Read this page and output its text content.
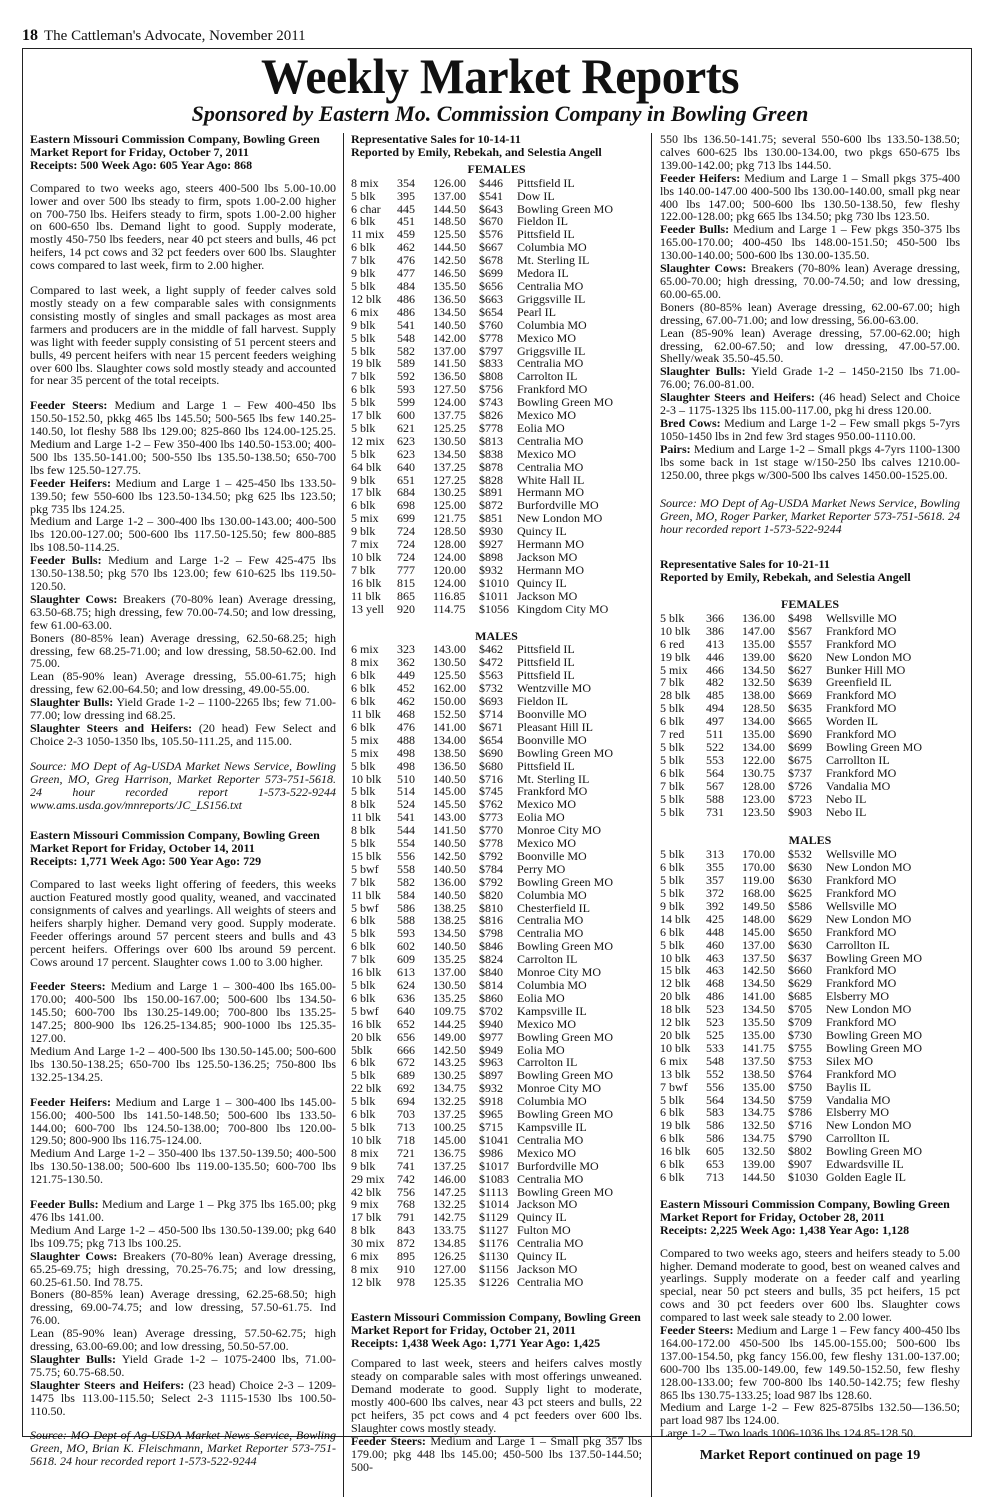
18 The Cattleman's Advocate, November 2011
Weekly Market Reports
Sponsored by Eastern Mo. Commission Company in Bowling Green
Eastern Missouri Commission Company, Bowling Green
Market Report for Friday, October 7, 2011
Receipts: 500 Week Ago: 605 Year Ago: 868

Compared to two weeks ago, steers 400-500 lbs 5.00-10.00 lower and over 500 lbs steady to firm, spots 1.00-2.00 higher on 700-750 lbs. Heifers steady to firm, spots 1.00-2.00 higher on 600-650 lbs. Demand light to good. Supply moderate, mostly 450-750 lbs feeders, near 40 pct steers and bulls, 46 pct heifers, 14 pct cows and 32 pct feeders over 600 lbs. Slaughter cows compared to last week, firm to 2.00 higher.

Compared to last week, a light supply of feeder calves sold mostly steady on a few comparable sales with consignments consisting mostly of singles and small packages as most area farmers and producers are in the middle of fall harvest. Supply was light with feeder supply consisting of 51 percent steers and bulls, 49 percent heifers with near 15 percent feeders weighing over 600 lbs. Slaughter cows sold mostly steady and accounted for near 35 percent of the total receipts.

Feeder Steers: Medium and Large 1 – Few 400-450 lbs 150.50-152.50, pkkg 465 lbs 145.50; 500-565 lbs few 140.25-140.50, lot fleshy 588 lbs 129.00; 825-860 lbs 124.00-125.25. Medium and Large 1-2 – Few 350-400 lbs 140.50-153.00; 400-500 lbs 135.50-141.00; 500-550 lbs 135.50-138.50; 650-700 lbs few 125.50-127.75.

Feeder Heifers: Medium and Large 1 – 425-450 lbs 133.50-139.50; few 550-600 lbs 123.50-134.50; pkg 625 lbs 123.50; pkg 735 lbs 124.25.

Medium and Large 1-2 – 300-400 lbs 130.00-143.00; 400-500 lbs 120.00-127.00; 500-600 lbs 117.50-125.50; few 800-885 lbs 108.50-114.25.

Feeder Bulls: Medium and Large 1-2 – Few 425-475 lbs 130.50-138.50; pkg 570 lbs 123.00; few 610-625 lbs 119.50-120.50.

Slaughter Cows: Breakers (70-80% lean) Average dressing, 63.50-68.75; high dressing, few 70.00-74.50; and low dressing, few 61.00-63.00.

Boners (80-85% lean) Average dressing, 62.50-68.25; high dressing, few 68.25-71.00; and low dressing, 58.50-62.00. Ind 75.00.

Lean (85-90% lean) Average dressing, 55.00-61.75; high dressing, few 62.00-64.50; and low dressing, 49.00-55.00.

Slaughter Bulls: Yield Grade 1-2 – 1100-2265 lbs; few 71.00-77.00; low dressing ind 68.25.

Slaughter Steers and Heifers: (20 head) Few Select and Choice 2-3 1050-1350 lbs, 105.50-111.25, and 115.00.

Source: MO Dept of Ag-USDA Market News Service, Bowling Green, MO, Greg Harrison, Market Reporter 573-751-5618. 24 hour recorded report 1-573-522-9244 www.ams.usda.gov/mnreports/JC_LS156.txt
Eastern Missouri Commission Company, Bowling Green
Market Report for Friday, October 14, 2011
Receipts: 1,771 Week Ago: 500 Year Ago: 729

Compared to last weeks light offering of feeders, this weeks auction Featured mostly good quality, weaned, and vaccinated consignments of calves and yearlings. All weights of steers and heifers sharply higher. Demand very good. Supply moderate. Feeder offerings around 57 percent steers and bulls and 43 percent heifers. Offerings over 600 lbs around 59 percent. Cows around 17 percent. Slaughter cows 1.00 to 3.00 higher.

Feeder Steers: Medium and Large 1 – 300-400 lbs 165.00-170.00; 400-500 lbs 150.00-167.00; 500-600 lbs 134.50-145.50; 600-700 lbs 130.25-149.00; 700-800 lbs 135.25-147.25; 800-900 lbs 126.25-134.85; 900-1000 lbs 125.35-127.00.

Medium And Large 1-2 – 400-500 lbs 130.50-145.00; 500-600 lbs 130.50-138.25; 650-700 lbs 125.50-136.25; 750-800 lbs 132.25-134.25.

Feeder Heifers: Medium and Large 1 – 300-400 lbs 145.00-156.00; 400-500 lbs 141.50-148.50; 500-600 lbs 133.50-144.00; 600-700 lbs 124.50-138.00; 700-800 lbs 120.00-129.50; 800-900 lbs 116.75-124.00.

Medium And Large 1-2 – 350-400 lbs 137.50-139.50; 400-500 lbs 130.50-138.00; 500-600 lbs 119.00-135.50; 600-700 lbs 121.75-130.50.

Feeder Bulls: Medium and Large 1 – Pkg 375 lbs 165.00; pkg 476 lbs 141.00.

Medium And Large 1-2 – 450-500 lbs 130.50-139.00; pkg 640 lbs 109.75; pkg 713 lbs 100.25.

Slaughter Cows: Breakers (70-80% lean) Average dressing, 65.25-69.75; high dressing, 70.25-76.75; and low dressing, 60.25-61.50. Ind 78.75.

Boners (80-85% lean) Average dressing, 62.25-68.50; high dressing, 69.00-74.75; and low dressing, 57.50-61.75. Ind 76.00.

Lean (85-90% lean) Average dressing, 57.50-62.75; high dressing, 63.00-69.00; and low dressing, 50.50-57.00.

Slaughter Bulls: Yield Grade 1-2 – 1075-2400 lbs, 71.00-75.75; 60.75-68.50.

Slaughter Steers and Heifers: (23 head) Choice 2-3 – 1209-1475 lbs 113.00-115.50; Select 2-3 1115-1530 lbs 100.50-110.50.

Source: MO Dept of Ag-USDA Market News Service, Bowling Green, MO, Brian K. Fleischmann, Market Reporter 573-751-5618. 24 hour recorded report 1-573-522-9244
Representative Sales for 10-14-11
Reported by Emily, Rebekah, and Selestia Angell
FEMALES
8 mix	354	126.00	$446	Pittsfield IL
5 blk	395	137.00	$541	Dow IL
6 char	445	144.50	$643	Bowling Green MO
6 blk	451	148.50	$670	Fieldon IL
11 mix	459	125.50	$576	Pittsfield IL
6 blk	462	144.50	$667	Columbia MO
7 blk	476	142.50	$678	Mt. Sterling IL
9 blk	477	146.50	$699	Medora IL
5 blk	484	135.50	$656	Centralia MO
12 blk	486	136.50	$663	Griggsville IL
6 mix	486	134.50	$654	Pearl IL
9 blk	541	140.50	$760	Columbia MO
5 blk	548	142.00	$778	Mexico MO
5 blk	582	137.00	$797	Griggsville IL
19 blk	589	141.50	$833	Centralia MO
7 blk	592	136.50	$808	Carrolton IL
6 blk	593	127.50	$756	Frankford MO
5 blk	599	124.00	$743	Bowling Green MO
17 blk	600	137.75	$826	Mexico MO
5 blk	621	125.25	$778	Eolia MO
12 mix	623	130.50	$813	Centralia MO
5 blk	623	134.50	$838	Mexico MO
64 blk	640	137.25	$878	Centralia MO
9 blk	651	127.25	$828	White Hall IL
17 blk	684	130.25	$891	Hermann MO
6 blk	698	125.00	$872	Burfordville MO
5 mix	699	121.75	$851	New London MO
9 blk	724	128.50	$930	Quincy IL
7 mix	724	128.00	$927	Hermann MO
10 blk	724	124.00	$898	Jackson MO
7 blk	777	120.00	$932	Hermann MO
16 blk	815	124.00	$1010	Quincy IL
11 blk	865	116.85	$1011	Jackson MO
13 yell	920	114.75	$1056	Kingdom City MO
MALES
6 mix	323	143.00	$462	Pittsfield IL
8 mix	362	130.50	$472	Pittsfield IL
6 blk	449	125.50	$563	Pittsfield IL
6 blk	452	162.00	$732	Wentzville MO
6 blk	462	150.00	$693	Fieldon IL
11 blk	468	152.50	$714	Boonville MO
6 blk	476	141.00	$671	Pleasant Hill IL
5 mix	488	134.00	$654	Boonville MO
5 mix	498	138.50	$690	Bowling Green MO
5 blk	498	136.50	$680	Pittsfield IL
10 blk	510	140.50	$716	Mt. Sterling IL
5 blk	514	145.00	$745	Frankford MO
8 blk	524	145.50	$762	Mexico MO
11 blk	541	143.00	$773	Eolia MO
8 blk	544	141.50	$770	Monroe City MO
5 blk	554	140.50	$778	Mexico MO
15 blk	556	142.50	$792	Boonville MO
5 bwf	558	140.50	$784	Perry MO
7 blk	582	136.00	$792	Bowling Green MO
11 blk	584	140.50	$820	Columbia MO
5 bwf	586	138.25	$810	Chesterfield IL
6 blk	588	138.25	$816	Centralia MO
5 blk	593	134.50	$798	Centralia MO
6 blk	602	140.50	$846	Bowling Green MO
7 blk	609	135.25	$824	Carrolton IL
16 blk	613	137.00	$840	Monroe City MO
5 blk	624	130.50	$814	Columbia MO
6 blk	636	135.25	$860	Eolia MO
5 bwf	640	109.75	$702	Kampsville IL
16 blk	652	144.25	$940	Mexico MO
20 blk	656	149.00	$977	Bowling Green MO
5blk	666	142.50	$949	Eolia MO
6 blk	672	143.25	$963	Carrolton IL
5 blk	689	130.25	$897	Bowling Green MO
22 blk	692	134.75	$932	Monroe City MO
5 blk	694	132.25	$918	Columbia MO
6 blk	703	137.25	$965	Bowling Green MO
5 blk	713	100.25	$715	Kampsville IL
10 blk	718	145.00	$1041	Centralia MO
8 mix	721	136.75	$986	Mexico MO
9 blk	741	137.25	$1017	Burfordville MO
29 mix	742	146.00	$1083	Centralia MO
42 blk	756	147.25	$1113	Bowling Green MO
9 mix	768	132.25	$1014	Jackson MO
17 blk	791	142.75	$1129	Quincy IL
8 blk	843	133.75	$1127	Fulton MO
30 mix	872	134.85	$1176	Centralia MO
6 mix	895	126.25	$1130	Quincy IL
8 mix	910	127.00	$1156	Jackson MO
12 blk	978	125.35	$1226	Centralia MO
Eastern Missouri Commission Company, Bowling Green
Market Report for Friday, October 21, 2011
Receipts: 1,438 Week Ago: 1,771 Year Ago: 1,425

Compared to last week, steers and heifers calves mostly steady on comparable sales with most offerings unweaned. Demand moderate to good. Supply light to moderate, mostly 400-600 lbs calves, near 43 pct steers and bulls, 22 pct heifers, 35 pct cows and 4 pct feeders over 600 lbs. Slaughter cows mostly steady.

Feeder Steers: Medium and Large 1 – Small pkg 357 lbs 179.00; pkg 448 lbs 145.00; 450-500 lbs 137.50-144.50; 500-

550 lbs 136.50-141.75; several 550-600 lbs 133.50-138.50; calves 600-625 lbs 130.00-134.00, two pkgs 650-675 lbs 139.00-142.00; pkg 713 lbs 144.50.

Feeder Heifers: Medium and Large 1 – Small pkgs 375-400 lbs 140.00-147.00 400-500 lbs 130.00-140.00, small pkg near 400 lbs 147.00; 500-600 lbs 130.50-138.50, few fleshy 122.00-128.00; pkg 665 lbs 134.50; pkg 730 lbs 123.50.

Feeder Bulls: Medium and Large 1 – Few pkgs 350-375 lbs 165.00-170.00; 400-450 lbs 148.00-151.50; 450-500 lbs 130.00-140.00; 500-600 lbs 130.00-135.50.

Slaughter Cows: Breakers (70-80% lean) Average dressing, 65.00-70.00; high dressing, 70.00-74.50; and low dressing, 60.00-65.00.

Boners (80-85% lean) Average dressing, 62.00-67.00; high dressing, 67.00-71.00; and low dressing, 56.00-63.00.

Lean (85-90% lean) Average dressing, 57.00-62.00; high dressing, 62.00-67.50; and low dressing, 47.00-57.00. Shelly/weak 35.50-45.50.

Slaughter Bulls: Yield Grade 1-2 – 1450-2150 lbs 71.00-76.00; 76.00-81.00.

Slaughter Steers and Heifers: (46 head) Select and Choice 2-3 – 1175-1325 lbs 115.00-117.00, pkg hi dress 120.00.

Bred Cows: Medium and Large 1-2 – Few small pkgs 5-7yrs 1050-1450 lbs in 2nd few 3rd stages 950.00-1110.00.

Pairs: Medium and Large 1-2 – Small pkgs 4-7yrs 1100-1300 lbs some back in 1st stage w/150-250 lbs calves 1210.00-1250.00, three pkgs w/300-500 lbs calves 1450.00-1525.00.

Source: MO Dept of Ag-USDA Market News Service, Bowling Green, MO, Roger Parker, Market Reporter 573-751-5618. 24 hour recorded report 1-573-522-9244
Representative Sales for 10-21-11
Reported by Emily, Rebekah, and Selestia Angell
FEMALES
5 blk	366	136.00	$498	Wellsville MO
10 blk	386	147.00	$567	Frankford MO
6 red	413	135.00	$557	Frankford MO
19 blk	446	139.00	$620	New London MO
5 mix	466	134.50	$627	Bunker Hill MO
7 blk	482	132.50	$639	Greenfield IL
28 blk	485	138.00	$669	Frankford MO
5 blk	494	128.50	$635	Frankford MO
6 blk	497	134.00	$665	Worden IL
7 red	511	135.00	$690	Frankford MO
5 blk	522	134.00	$699	Bowling Green MO
5 blk	553	122.00	$675	Carrollton IL
6 blk	564	130.75	$737	Frankford MO
7 blk	567	128.00	$726	Vandalia MO
5 blk	588	123.00	$723	Nebo IL
5 blk	731	123.50	$903	Nebo IL
MALES
5 blk	313	170.00	$532	Wellsville MO
6 blk	355	170.00	$630	New London MO
5 blk	357	119.00	$630	Frankford MO
5 blk	372	168.00	$625	Frankford MO
9 blk	392	149.50	$586	Wellsville MO
14 blk	425	148.00	$629	New London MO
6 blk	448	145.00	$650	Frankford MO
5 blk	460	137.00	$630	Carrollton IL
10 blk	463	137.50	$637	Bowling Green MO
15 blk	463	142.50	$660	Frankford MO
12 blk	468	134.50	$629	Frankford MO
20 blk	486	141.00	$685	Elsberry MO
18 blk	523	134.50	$705	New London MO
12 blk	523	135.50	$709	Frankford MO
20 blk	525	135.00	$730	Bowling Green MO
10 blk	533	141.75	$755	Bowling Green MO
6 mix	548	137.50	$753	Silex MO
13 blk	552	138.50	$764	Frankford MO
7 bwf	556	135.00	$750	Baylis IL
5 blk	564	134.50	$759	Vandalia MO
6 blk	583	134.75	$786	Elsberry MO
19 blk	586	132.50	$716	New London MO
6 blk	586	134.75	$790	Carrollton IL
16 blk	605	132.50	$802	Bowling Green MO
6 blk	653	139.00	$907	Edwardsville IL
6 blk	713	144.50	$1030	Golden Eagle IL
Eastern Missouri Commission Company, Bowling Green
Market Report for Friday, October 28, 2011
Receipts: 2,225 Week Ago: 1,438 Year Ago: 1,128

Compared to two weeks ago, steers and heifers steady to 5.00 higher. Demand moderate to good, best on weaned calves and yearlings. Supply moderate on a feeder calf and yearling special, near 50 pct steers and bulls, 35 pct heifers, 15 pct cows and 30 pct feeders over 600 lbs. Slaughter cows compared to last week sale steady to 2.00 lower.

Feeder Steers: Medium and Large 1 – Few fancy 400-450 lbs 164.00-172.00 450-500 lbs 145.00-155.00; 500-600 lbs 137.00-154.50, pkg fancy 156.00, few fleshy 131.00-137.00; 600-700 lbs 135.00-149.00, few 149.50-152.50, few fleshy 128.00-133.00; few 700-800 lbs 140.50-142.75; few fleshy 865 lbs 130.75-133.25; load 987 lbs 128.60.

Medium and Large 1-2 – Few 825-875lbs 132.50—136.50; part load 987 lbs 124.00.

Large 1-2 – Two loads 1006-1036 lbs 124.85-128.50.

Market Report continued on page 19
